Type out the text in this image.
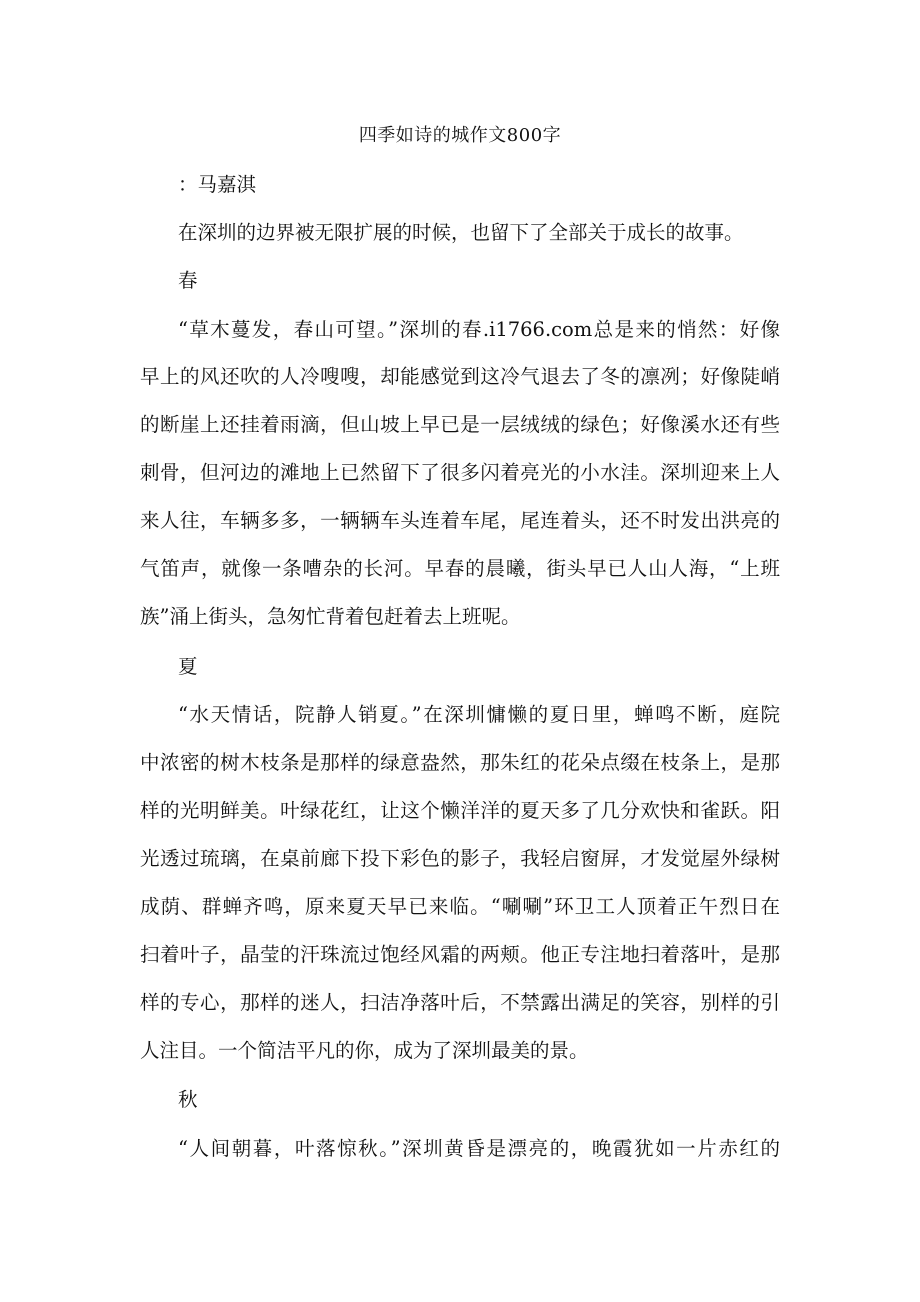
四季如诗的城作文800字
：马嘉淇
在深圳的边界被无限扩展的时候，也留下了全部关于成长的故事。
春
“草木蔓发，春山可望。”深圳的春.i1766.com总是来的悄然：好像
早上的风还吹的人冷嗖嗖，却能感觉到这冷气退去了冬的凛冽；好像陡峭
的断崖上还挂着雨滴，但山坡上早已是一层绒绒的绿色；好像溪水还有些
刺骨，但河边的滩地上已然留下了很多闪着亮光的小水洼。深圳迎来上人
来人往，车辆多多，一辆辆车头连着车尾，尾连着头，还不时发出洪亮的
气笛声，就像一条嘈杂的长河。早春的晨曦，街头早已人山人海，“上班
族”涌上街头，急匆忙背着包赶着去上班呢。
夏
“水天情话，院静人销夏。”在深圳慵懒的夏日里，蝉鸣不断，庭院
中浓密的树木枝条是那样的绿意盎然，那朱红的花朵点缀在枝条上，是那
样的光明鲜美。叶绿花红，让这个懒洋洋的夏天多了几分欢快和雀跃。阳
光透过琉璃，在桌前廊下投下彩色的影子，我轻启窗屏，才发觉屋外绿树
成荫、群蝉齐鸣，原来夏天早已来临。“唰唰”环卫工人顶着正午烈日在
扫着叶子，晶莹的汗珠流过饱经风霜的两颊。他正专注地扫着落叶，是那
样的专心，那样的迷人，扫洁净落叶后，不禁露出满足的笑容，别样的引
人注目。一个简洁平凡的你，成为了深圳最美的景。
秋
“人间朝暮，叶落惊秋。”深圳黄昏是漂亮的，晚霞犹如一片赤红的
